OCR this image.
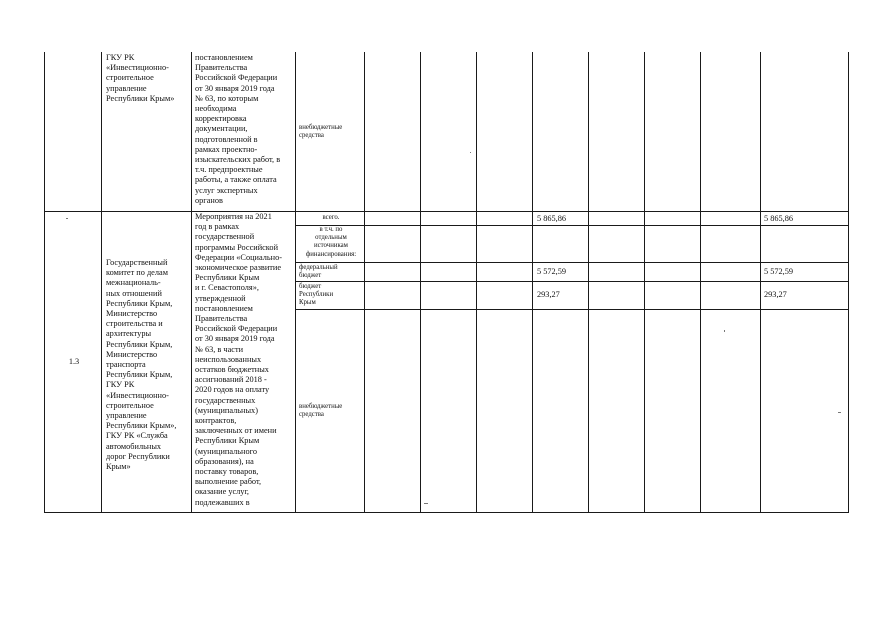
ГКУ РК
«Инвестиционно-
строительное
управление
Республики Крым»
постановлением
Правительства
Российской Федерации
от 30 января 2019 года
№ 63, по которым
необходима
корректировка
документации,
подготовленной в
рамках проектно-
изыскательских работ, в
т.ч. предпроектные
работы, а также оплата
услуг экспертных
органов
внебюджетные
средства
1.3
Государственный
комитет по делам
межнациональ-
ных отношений
Республики Крым,
Министерство
строительства и
архитектуры
Республики Крым,
Министерство
транспорта
Республики Крым,
ГКУ РК
«Инвестиционно-
строительное
управление
Республики Крым»,
ГКУ РК «Служба
автомобильных
дорог Республики
Крым»
Мероприятия на 2021
год в рамках
государственной
программы Российской
Федерации «Социально-
экономическое развитие
Республики Крым
и г. Севастополя»,
утвержденной
постановлением
Правительства
Российской Федерации
от 30 января 2019 года
№ 63, в части
неиспользованных
остатков бюджетных
ассигнований 2018 -
2020 годов на оплату
государственных
(муниципальных)
контрактов,
заключенных от имени
Республики Крым
(муниципального
образования), на
поставку товаров,
выполнение работ,
оказание услуг,
подлежавших в
всего.
в т.ч. по
отдельным
источникам
финансирования:
федеральный
бюджет
бюджет
Республики
Крым
внебюджетные
средства
5 865,86
5 572,59
293,27
5 865,86
5 572,59
293,27
